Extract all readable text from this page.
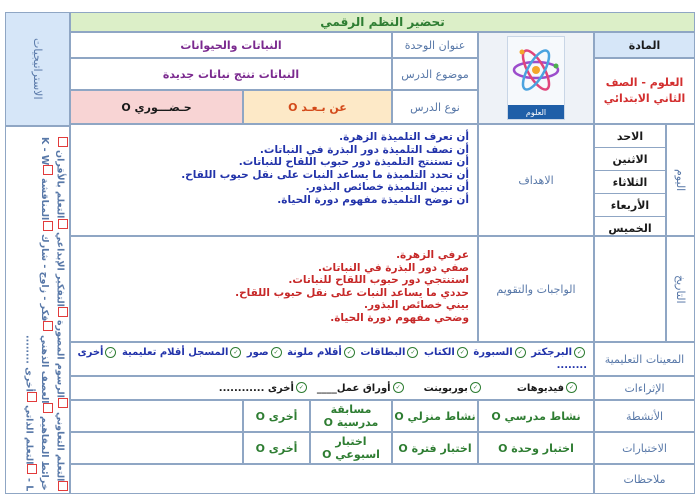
تحضير النظم الرقمي
الاستراتيجيات
التعلم التعاوني الرسوم المصورة التفكير الإبداعي التعلم بالأقران خرائط المفاهيم العصف الذهني فكر - زاوج - شارك المناقشة K - W - L التعلم الذاتي أخرى ........
المادة
العلوم - الصف الثاني الابتدائي
العلوم
عنوان الوحدة
النباتات والحيوانات
موضوع الدرس
النباتات تنتج نباتات جديدة
نوع الدرس
عن بـعـد O
حـضـــوري O
الاحد
الاثنين
الثلاثاء
الأربعاء
الخميس
اليوم
التاريخ
الاهداف
أن تعرف التلميذة الزهرة.
أن تصف التلميذة دور البذرة في النباتات.
أن تستنتج التلميذة دور حبوب اللقاح للنباتات.
أن تحدد التلميذة ما يساعد النبات على نقل حبوب اللقاح.
أن تبين التلميذة خصائص البذور.
أن توضح التلميذة مفهوم دورة الحياة.
الواجبات والتقويم
عرفي الزهرة.
صفي دور البذرة في النباتات.
استنتجي دور حبوب اللقاح للنباتات.
حددي ما يساعد النبات على نقل حبوب اللقاح.
بيني خصائص البذور.
وضحي مفهوم دورة الحياة.
المعينات التعليمية
✓البرجكتر ✓السبورة ✓الكتاب ✓البطاقات ✓أقلام ملونة ✓صور ✓المسجل أقلام تعليمية ✓أخرى
........
الإثراءات
✓فيديوهات
✓بوربوينت
✓أوراق عمل____
✓أخرى ............
الأنشطة
نشاط مدرسي O
نشاط منزلي O
مسابقة مدرسية O
أخرى O
الاختبارات
اختبار وحدة O
اختبار فترة O
اختبار اسبوعي O
أخرى O
ملاحظات
